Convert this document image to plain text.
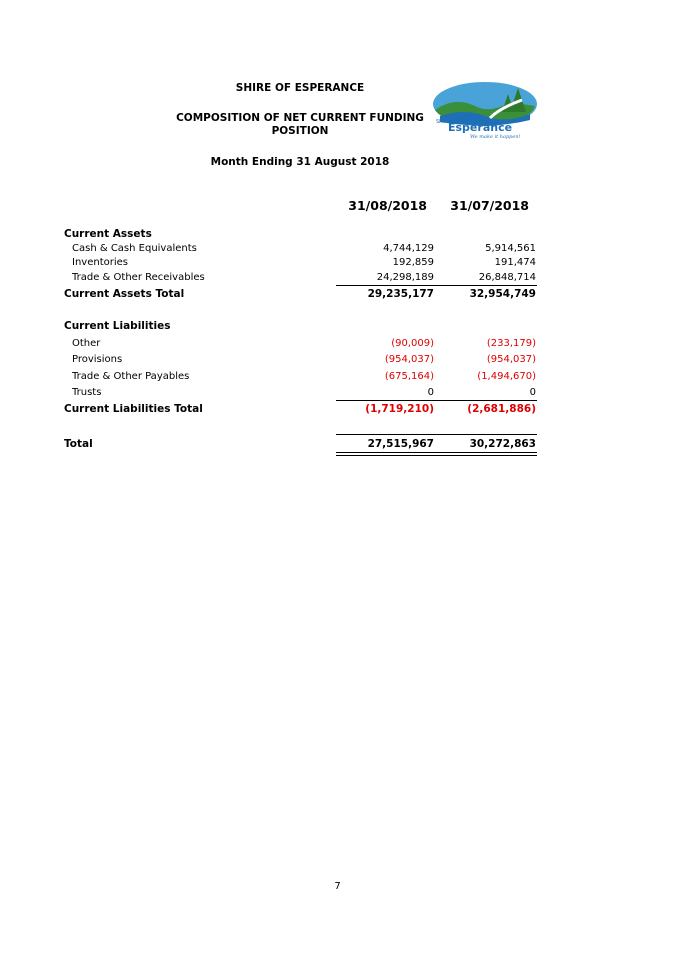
SHIRE OF ESPERANCE
COMPOSITION OF NET CURRENT FUNDING
POSITION
Month Ending 31 August 2018
Shire of
Esperance
We make it happen!
31/08/2018	31/07/2018
Current Assets
Cash & Cash Equivalents	4,744,129	5,914,561
Inventories	192,859	191,474
Trade & Other Receivables	24,298,189	26,848,714
Current Assets Total	29,235,177	32,954,749
Current Liabilities
Other	(90,009)	(233,179)
Provisions	(954,037)	(954,037)
Trade & Other Payables	(675,164)	(1,494,670)
Trusts	0	0
Current Liabilities Total	(1,719,210)	(2,681,886)
Total	27,515,967	30,272,863
7
